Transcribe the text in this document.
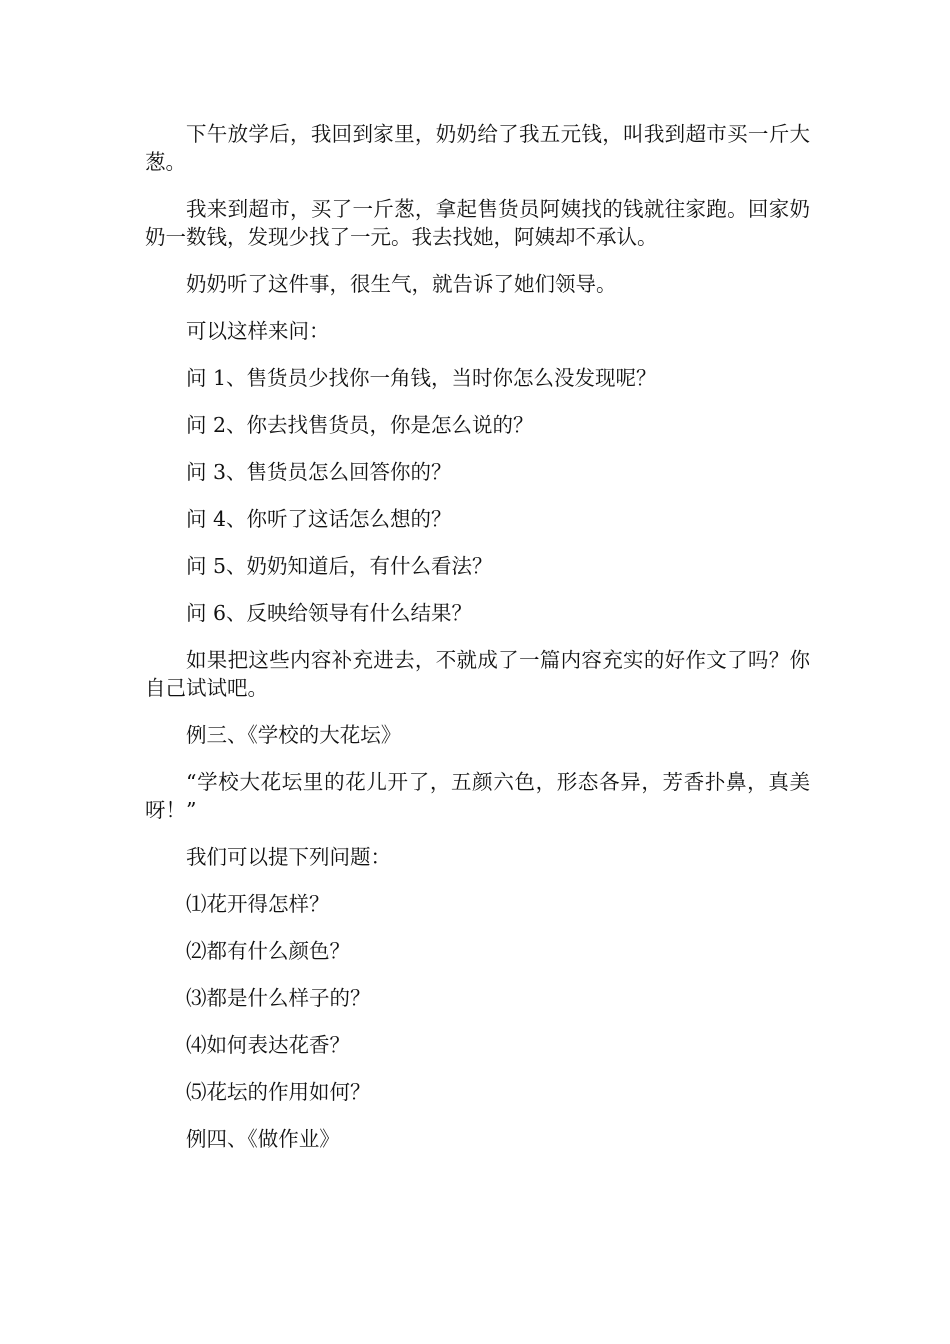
下午放学后，我回到家里，奶奶给了我五元钱，叫我到超市买一斤大葱。

我来到超市，买了一斤葱，拿起售货员阿姨找的钱就往家跑。回家奶奶一数钱，发现少找了一元。我去找她，阿姨却不承认。

奶奶听了这件事，很生气，就告诉了她们领导。

可以这样来问：

问 1、售货员少找你一角钱，当时你怎么没发现呢？

问 2、你去找售货员，你是怎么说的？

问 3、售货员怎么回答你的？

问 4、你听了这话怎么想的？

问 5、奶奶知道后，有什么看法？

问 6、反映给领导有什么结果？

如果把这些内容补充进去，不就成了一篇内容充实的好作文了吗？你自己试试吧。

例三、《学校的大花坛》

“学校大花坛里的花儿开了，五颜六色，形态各异，芳香扑鼻，真美呀！”

我们可以提下列问题：

⑴花开得怎样？

⑵都有什么颜色？

⑶都是什么样子的？

⑷如何表达花香？

⑸花坛的作用如何？

例四、《做作业》
